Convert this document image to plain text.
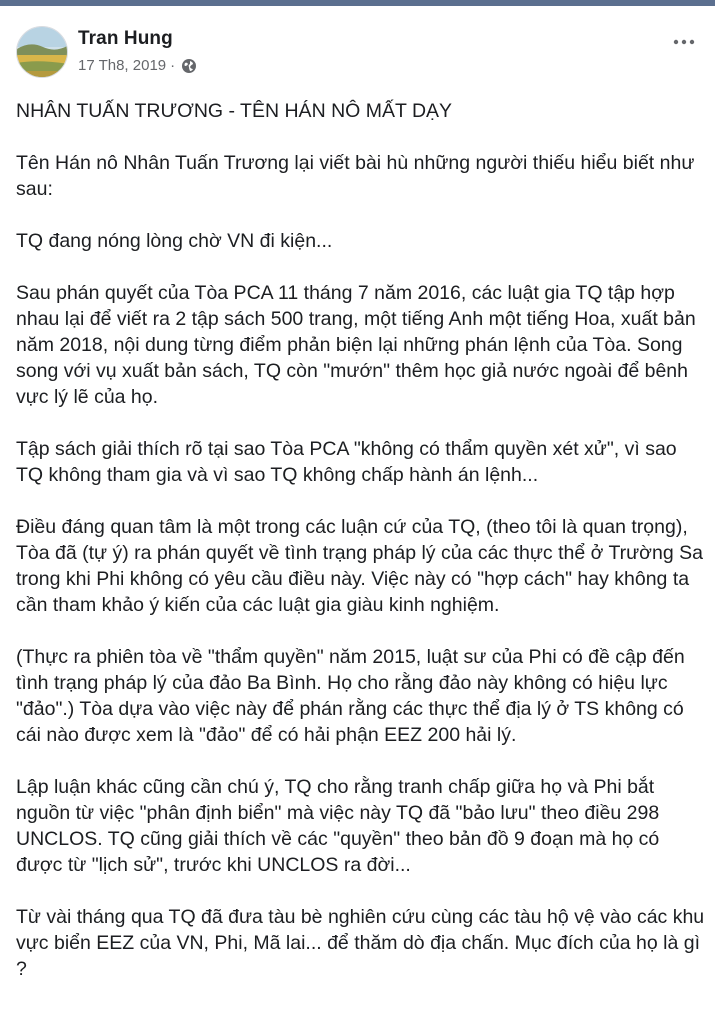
Tran Hung
17 Th8, 2019 ·

NHÂN TUẤN TRƯƠNG - TÊN HÁN NÔ MẤT DẠY

Tên Hán nô Nhân Tuấn Trương lại viết bài hù những người thiếu hiểu biết như sau:

TQ đang nóng lòng chờ VN đi kiện...

Sau phán quyết của Tòa PCA 11 tháng 7 năm 2016, các luật gia TQ tập hợp nhau lại để viết ra 2 tập sách 500 trang, một tiếng Anh một tiếng Hoa, xuất bản năm 2018, nội dung từng điểm phản biện lại những phán lệnh của Tòa. Song song với vụ xuất bản sách, TQ còn "mướn" thêm học giả nước ngoài để bênh vực lý lẽ của họ.

Tập sách giải thích rõ tại sao Tòa PCA "không có thẩm quyền xét xử", vì sao TQ không tham gia và vì sao TQ không chấp hành án lệnh...

Điều đáng quan tâm là một trong các luận cứ của TQ, (theo tôi là quan trọng), Tòa đã (tự ý) ra phán quyết về tình trạng pháp lý của các thực thể ở Trường Sa trong khi Phi không có yêu cầu điều này. Việc này có "hợp cách" hay không ta cần tham khảo ý kiến của các luật gia giàu kinh nghiệm.

(Thực ra phiên tòa về "thẩm quyền" năm 2015, luật sư của Phi có đề cập đến tình trạng pháp lý của đảo Ba Bình. Họ cho rằng đảo này không có hiệu lực "đảo".) Tòa dựa vào việc này để phán rằng các thực thể địa lý ở TS không có cái nào được xem là "đảo" để có hải phận EEZ 200 hải lý.

Lập luận khác cũng cần chú ý, TQ cho rằng tranh chấp giữa họ và Phi bắt nguồn từ việc "phân định biển" mà việc này TQ đã "bảo lưu" theo điều 298 UNCLOS. TQ cũng giải thích về các "quyền" theo bản đồ 9 đoạn mà họ có được từ "lịch sử", trước khi UNCLOS ra đời...

Từ vài tháng qua TQ đã đưa tàu bè nghiên cứu cùng các tàu hộ vệ vào các khu vực biển EEZ của VN, Phi, Mã lai... để thăm dò địa chấn. Mục đích của họ là gì ?
